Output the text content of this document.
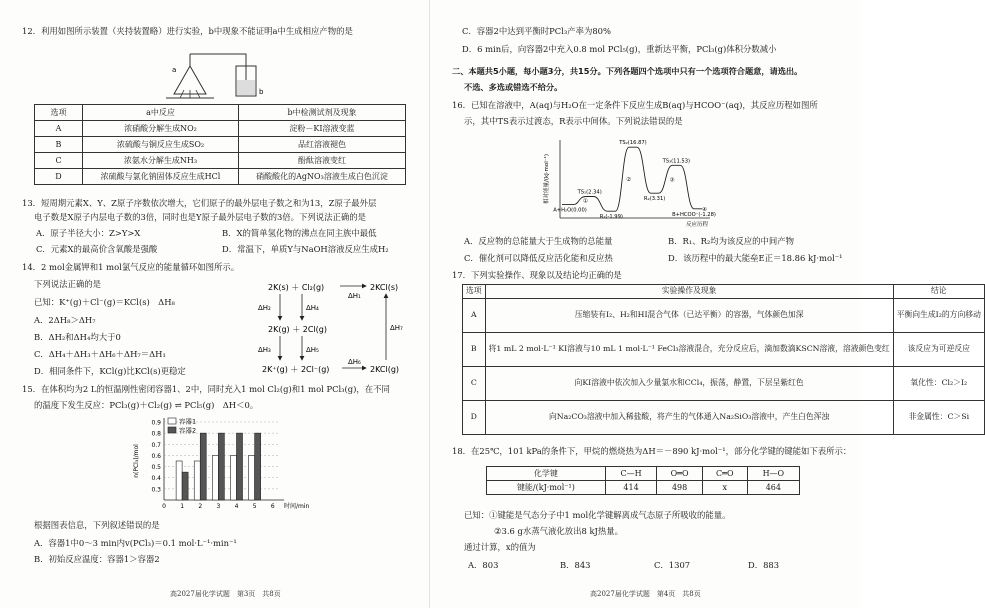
12．利用如图所示装置（夹持装置略）进行实验，b中现象不能证明a中生成相应产物的是
a
b
选项	a中反应	b中检测试剂及现象
A	浓硝酸分解生成NO₂	淀粉－KI溶液变蓝
B	浓硫酸与铜反应生成SO₂	品红溶液褪色
C	浓氨水分解生成NH₃	酚酞溶液变红
D	浓硫酸与氯化钠固体反应生成HCl	硝酸酸化的AgNO₃溶液生成白色沉淀
13．短周期元素X、Y、Z原子序数依次增大，它们原子的最外层电子数之和为13，Z原子最外层
电子数是X原子内层电子数的3倍，同时也是Y原子最外层电子数的3倍。下列说法正确的是
A．原子半径大小：Z>Y>X	B．X的简单氢化物的沸点在同主族中最低
C．元素X的最高价含氧酸是强酸	D．常温下，单质Y与NaOH溶液反应生成H₂
14．2 mol金属钾和1 mol氯气反应的能量循环如图所示。
下列说法正确的是
已知：K⁺(g)＋Cl⁻(g)＝KCl(s)　ΔH₈
A．2ΔH₈＞ΔH₇
B．ΔH₂和ΔH₄均大于0
C．ΔH₄＋ΔH₃＋ΔH₆＋ΔH₇＝ΔH₁
D．相同条件下，KCl(g)比KCl(s)更稳定
2K(s) ＋ Cl₂(g)	2KCl(s)
ΔH₁
ΔH₂	ΔH₄
2K(g) ＋ 2Cl(g)
ΔH₃	ΔH₅
2K⁺(g) ＋ 2Cl⁻(g)
ΔH₆
2KCl(g)
ΔH₇
15．在体积均为2 L的恒温刚性密闭容器1、2中，同时充入1 mol Cl₂(g)和1 mol PCl₃(g)，在不同
的温度下发生反应：PCl₃(g)＋Cl₂(g) ⇌ PCl₅(g)　ΔH＜0。
0.3
0.4
0.5
0.6
0.7
0.8
0.9
0 1 2 3 4 5 6 时间/min
n(PCl₃)/mol
容器1
容器2
根据图表信息，下列叙述错误的是
A．容器1中0～3 min内v(PCl₃)＝0.1 mol·L⁻¹·min⁻¹
B．初始反应温度：容器1＞容器2
高2027届化学试题　第3页　共8页
C．容器2中达到平衡时PCl₃产率为80%
D．6 min后，向容器2中充入0.8 mol PCl₅(g)，重新达平衡，PCl₃(g)体积分数减小
二、本题共5小题，每小题3分，共15分。下列各题四个选项中只有一个选项符合题意，请选出。
不选、多选或错选不给分。
16．已知在溶液中，A(aq)与H₂O在一定条件下反应生成B(aq)与HCOO⁻(aq)，其反应历程如图所
示，其中TS表示过渡态，R表示中间体。下列说法错误的是
反应历程
相对能量/(kJ·mol⁻¹)
A+H₂O(0.00)
TS₁(2.34)
R₁(-1.99)
TS₂(16.87)
R₂(3.31)
TS₃(11.53)
B+HCOO⁻(-1.28)
①
②	③
④
A．反应物的总能量大于生成物的总能量	B．R₁、R₂均为该反应的中间产物
C．催化剂可以降低反应活化能和反应热	D．该历程中的最大能垒E正＝18.86 kJ·mol⁻¹
17．下列实验操作、现象以及结论均正确的是
选项	实验操作及现象	结论
A	压缩装有I₂、H₂和HI混合气体（已达平衡）的容器，气体颜色加深	平衡向生成I₂的方向移动
B	将1 mL 2 mol·L⁻¹ KI溶液与10 mL 1 mol·L⁻¹ FeCl₃溶液混合，充分反应后，滴加数滴KSCN溶液，溶液颜色变红	该反应为可逆反应
C	向KI溶液中依次加入少量氯水和CCl₄，振荡，静置，下层呈紫红色	氧化性：Cl₂＞I₂
D	向Na₂CO₃溶液中加入稀盐酸，将产生的气体通入Na₂SiO₃溶液中，产生白色浑浊	非金属性：C＞Si
18．在25℃，101 kPa的条件下，甲烷的燃烧热为ΔH＝－890 kJ·mol⁻¹，部分化学键的键能如下表所示：
化学键	C—H	O═O	C═O	H—O
键能/(kJ·mol⁻¹)	414	498	x	464
已知：①键能是气态分子中1 mol化学键解离成气态原子所吸收的能量。
②3.6 g水蒸气液化放出8 kJ热量。
通过计算，x的值为
A．803	B．843	C．1307	D．883
高2027届化学试题　第4页　共8页
